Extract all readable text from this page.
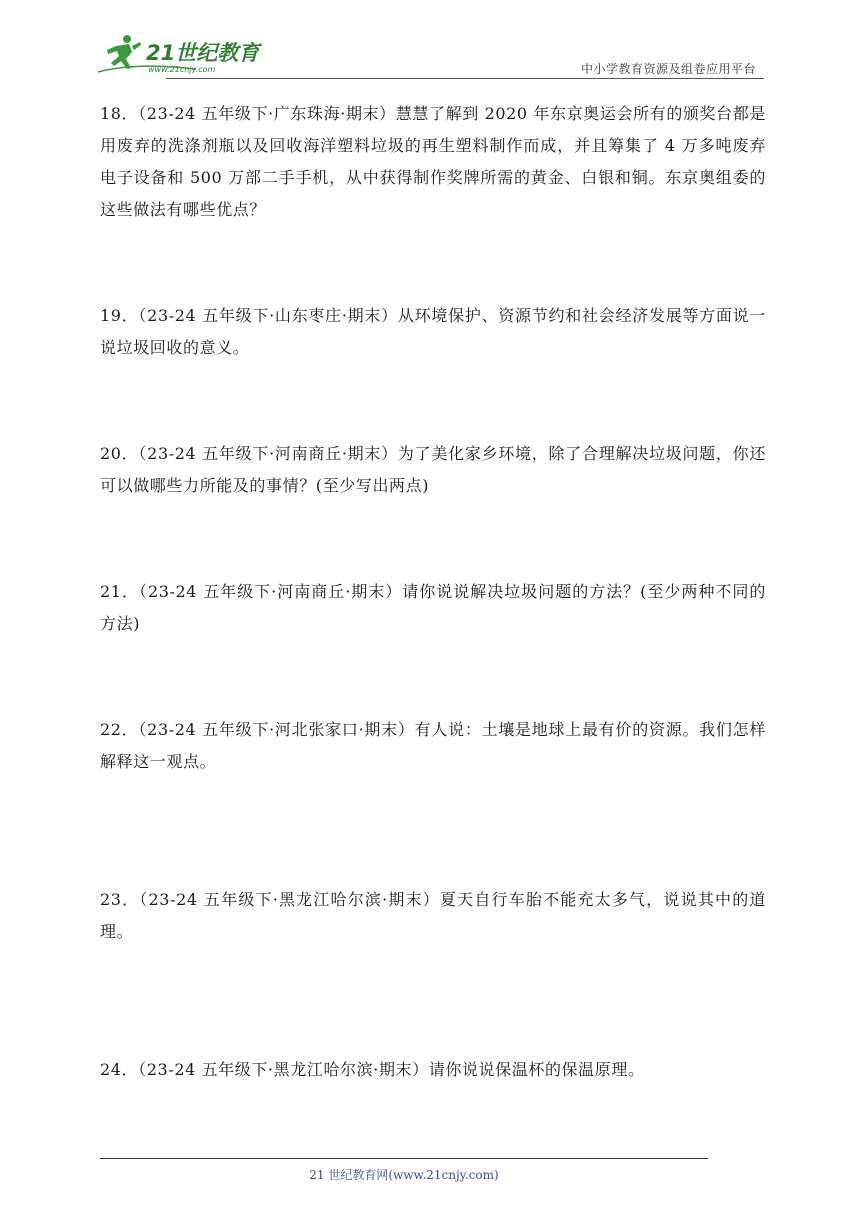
21世纪教育
www.21cnjy.com	中小学教育资源及组卷应用平台
18．（23-24 五年级下·广东珠海·期末）慧慧了解到 2020 年东京奥运会所有的颁奖台都是用废弃的洗涤剂瓶以及回收海洋塑料垃圾的再生塑料制作而成，并且筹集了 4 万多吨废弃电子设备和 500 万部二手手机，从中获得制作奖牌所需的黄金、白银和铜。东京奥组委的这些做法有哪些优点？
19．（23-24 五年级下·山东枣庄·期末）从环境保护、资源节约和社会经济发展等方面说一说垃圾回收的意义。
20．（23-24 五年级下·河南商丘·期末）为了美化家乡环境，除了合理解决垃圾问题，你还可以做哪些力所能及的事情？(至少写出两点)
21．（23-24 五年级下·河南商丘·期末）请你说说解决垃圾问题的方法？(至少两种不同的方法)
22．（23-24 五年级下·河北张家口·期末）有人说：土壤是地球上最有价的资源。我们怎样解释这一观点。
23．（23-24 五年级下·黑龙江哈尔滨·期末）夏天自行车胎不能充太多气，说说其中的道理。
24．（23-24 五年级下·黑龙江哈尔滨·期末）请你说说保温杯的保温原理。
21 世纪教育网(www.21cnjy.com)
